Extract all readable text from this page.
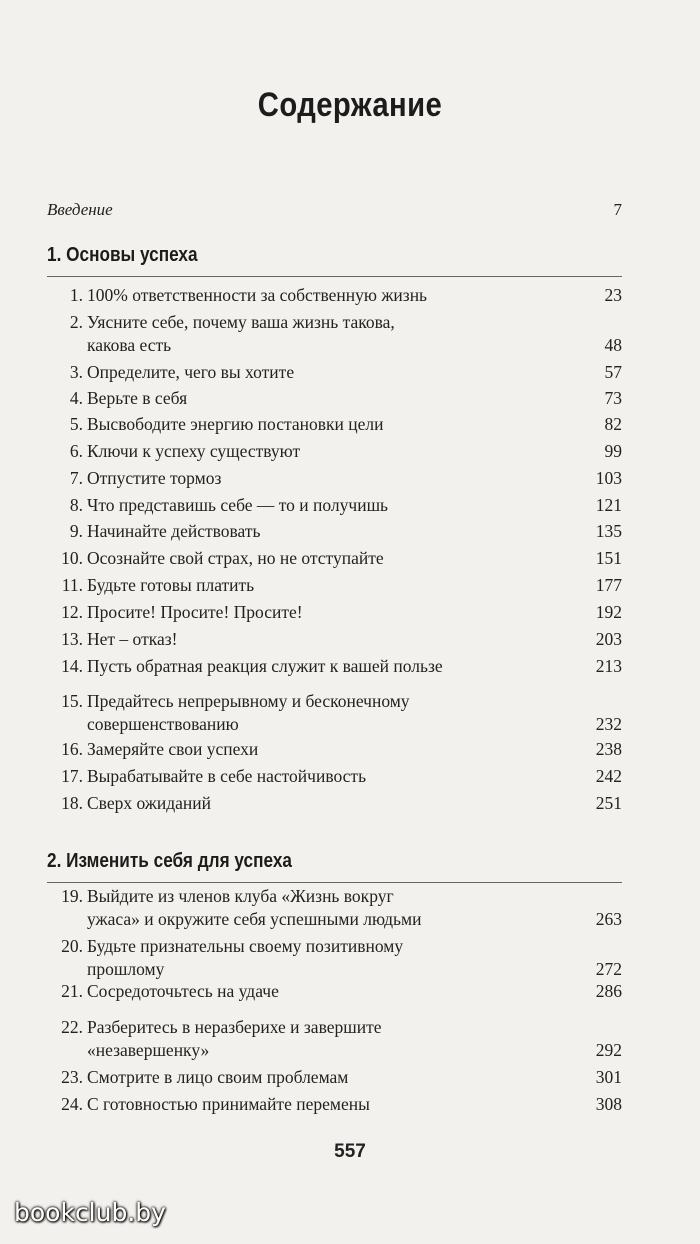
Содержание
Введение	7
1. Основы успеха
1. 100% ответственности за собственную жизнь	23
2. Уясните себе, почему ваша жизнь такова,
какова есть	48
3. Определите, чего вы хотите	57
4. Верьте в себя	73
5. Высвободите энергию постановки цели	82
6. Ключи к успеху существуют	99
7. Отпустите тормоз	103
8. Что представишь себе — то и получишь	121
9. Начинайте действовать	135
10. Осознайте свой страх, но не отступайте	151
11. Будьте готовы платить	177
12. Просите! Просите! Просите!	192
13. Нет – отказ!	203
14. Пусть обратная реакция служит к вашей пользе	213
15. Предайтесь непрерывному и бесконечному
совершенствованию	232
16. Замеряйте свои успехи	238
17. Вырабатывайте в себе настойчивость	242
18. Сверх ожиданий	251
2. Изменить себя для успеха
19. Выйдите из членов клуба «Жизнь вокруг
ужаса» и окружите себя успешными людьми	263
20. Будьте признательны своему позитивному
прошлому	272
21. Сосредоточьтесь на удаче	286
22. Разберитесь в неразберихе и завершите
«незавершенку»	292
23. Смотрите в лицо своим проблемам	301
24. С готовностью принимайте перемены	308
557
bookclub.by
